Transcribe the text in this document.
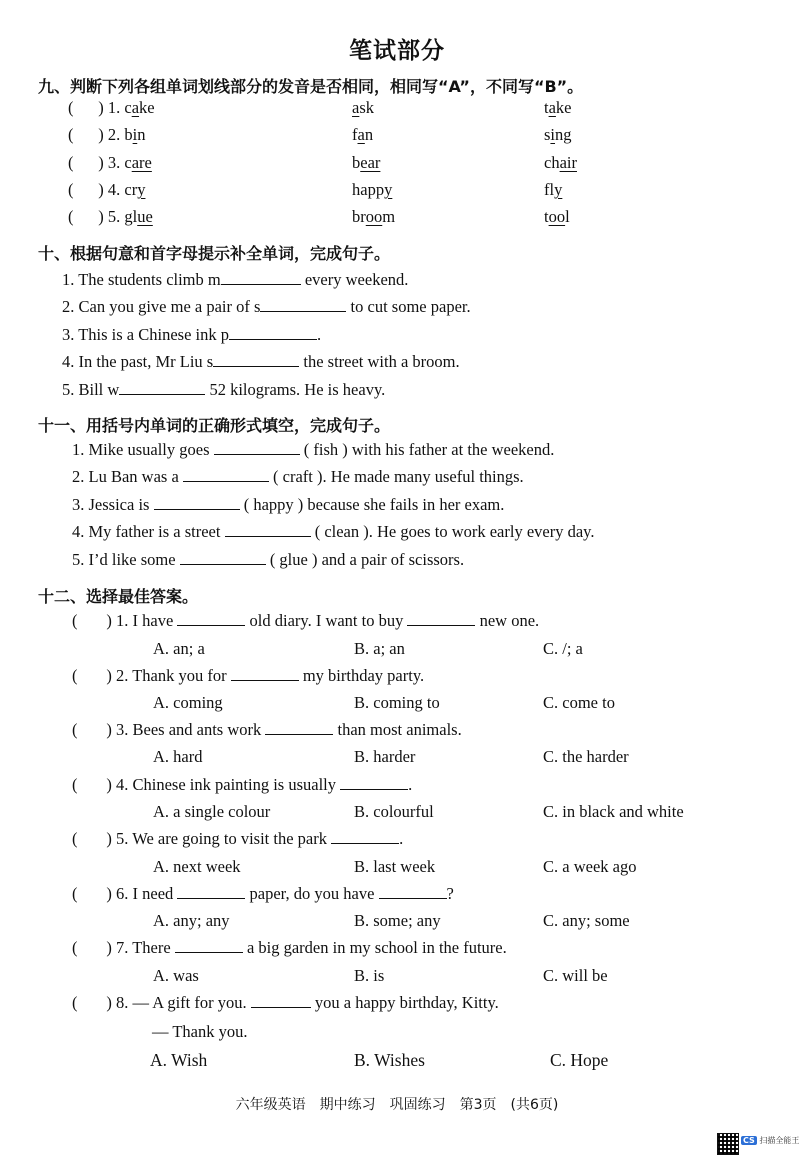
笔试部分
九、判断下列各组单词划线部分的发音是否相同，相同写“A”，不同写“B”。
(      ) 1. cake	ask	take
(      ) 2. bin	fan	sing
(      ) 3. care	bear	chair
(      ) 4. cry	happy	fly
(      ) 5. glue	broom	tool
十、根据句意和首字母提示补全单词，完成句子。
1. The students climb m	every weekend.
2. Can you give me a pair of s	to cut some paper.
3. This is a Chinese ink p	.
4. In the past, Mr Liu s	the street with a broom.
5. Bill w	52 kilograms. He is heavy.
十一、用括号内单词的正确形式填空，完成句子。
1. Mike usually goes	( fish ) with his father at the weekend.
2. Lu Ban was a	( craft ). He made many useful things.
3. Jessica is	( happy ) because she fails in her exam.
4. My father is a street	( clean ). He goes to work early every day.
5. I’d like some	( glue ) and a pair of scissors.
十二、选择最佳答案。
(       ) 1. I have	old diary. I want to buy	new one.
A. an; a	B. a; an	C. /; a
(       ) 2. Thank you for	my birthday party.
A. coming	B. coming to	C. come to
(       ) 3. Bees and ants work	than most animals.
A. hard	B. harder	C. the harder
(       ) 4. Chinese ink painting is usually	.
A. a single colour	B. colourful	C. in black and white
(       ) 5. We are going to visit the park	.
A. next week	B. last week	C. a week ago
(       ) 6. I need	paper, do you have	?
A. any; any	B. some; any	C. any; some
(       ) 7. There	a big garden in my school in the future.
A. was	B. is	C. will be
(       ) 8. — A gift for you.	you a happy birthday, Kitty.
— Thank you.
A. Wish	B. Wishes	C. Hope
六年级英语　期中练习　巩固练习　第3页　(共6页)
CS 扫描全能王
